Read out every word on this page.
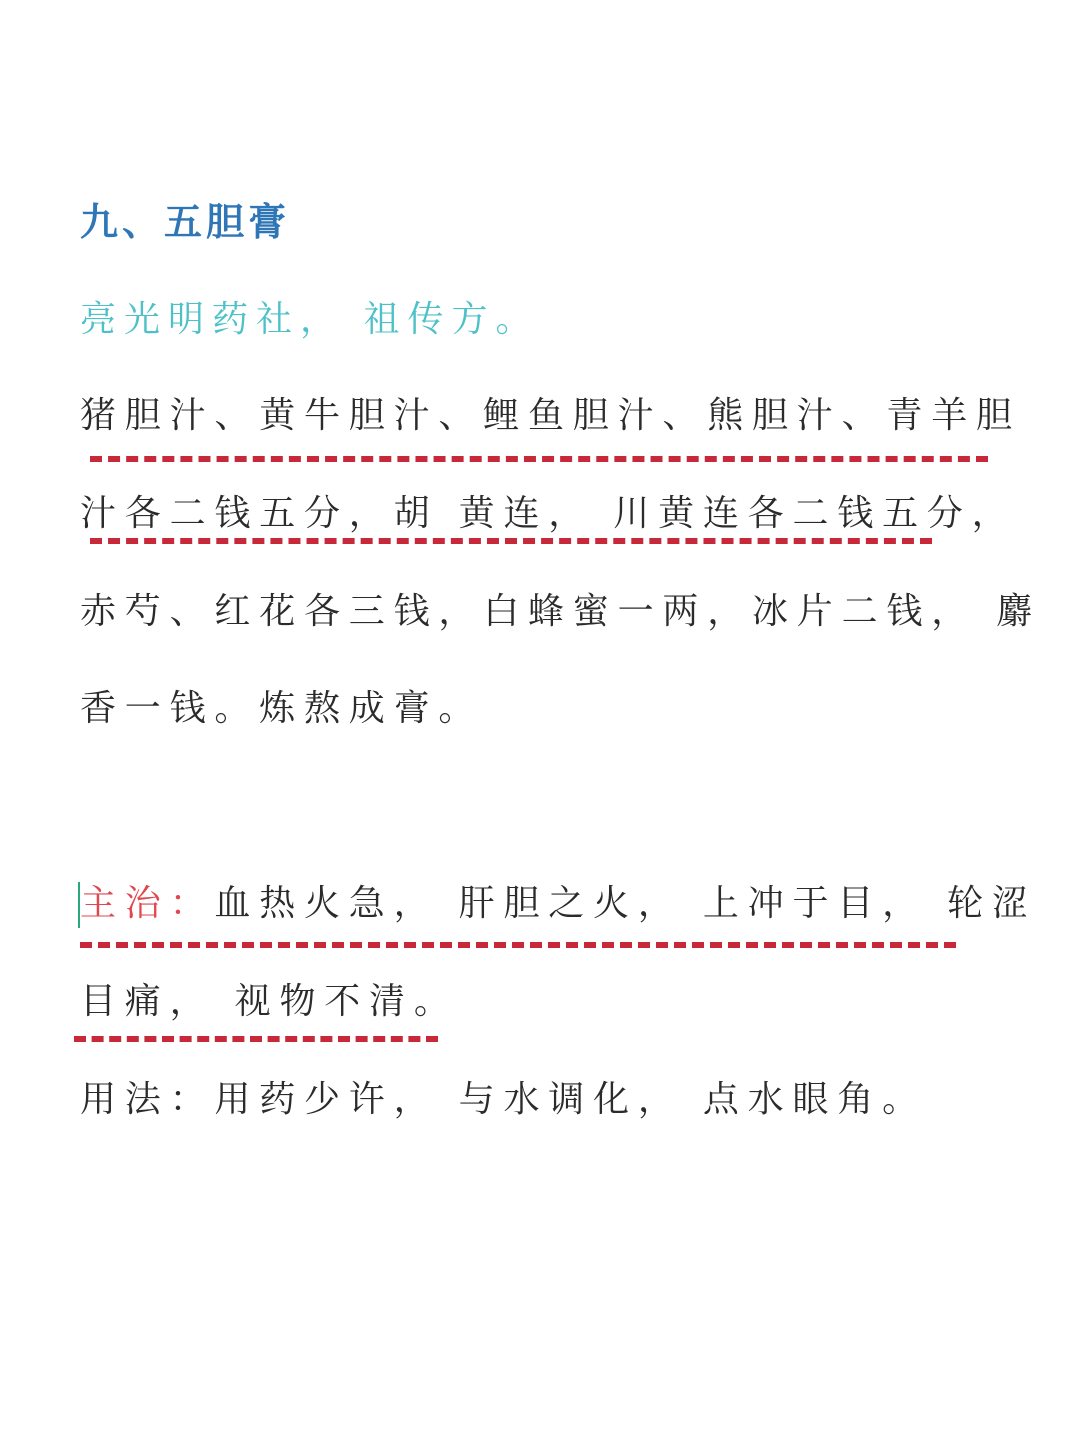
九、五胆膏
亮光明药社， 祖传方。
猪胆汁、黄牛胆汁、鲤鱼胆汁、熊胆汁、青羊胆
汁各二钱五分，胡 黄连， 川黄连各二钱五分，
赤芍、红花各三钱，白蜂蜜一两，冰片二钱， 麝
香一钱。炼熬成膏。
主治：血热火急， 肝胆之火， 上冲于目， 轮涩
目痛， 视物不清。
用法：用药少许， 与水调化， 点水眼角。
